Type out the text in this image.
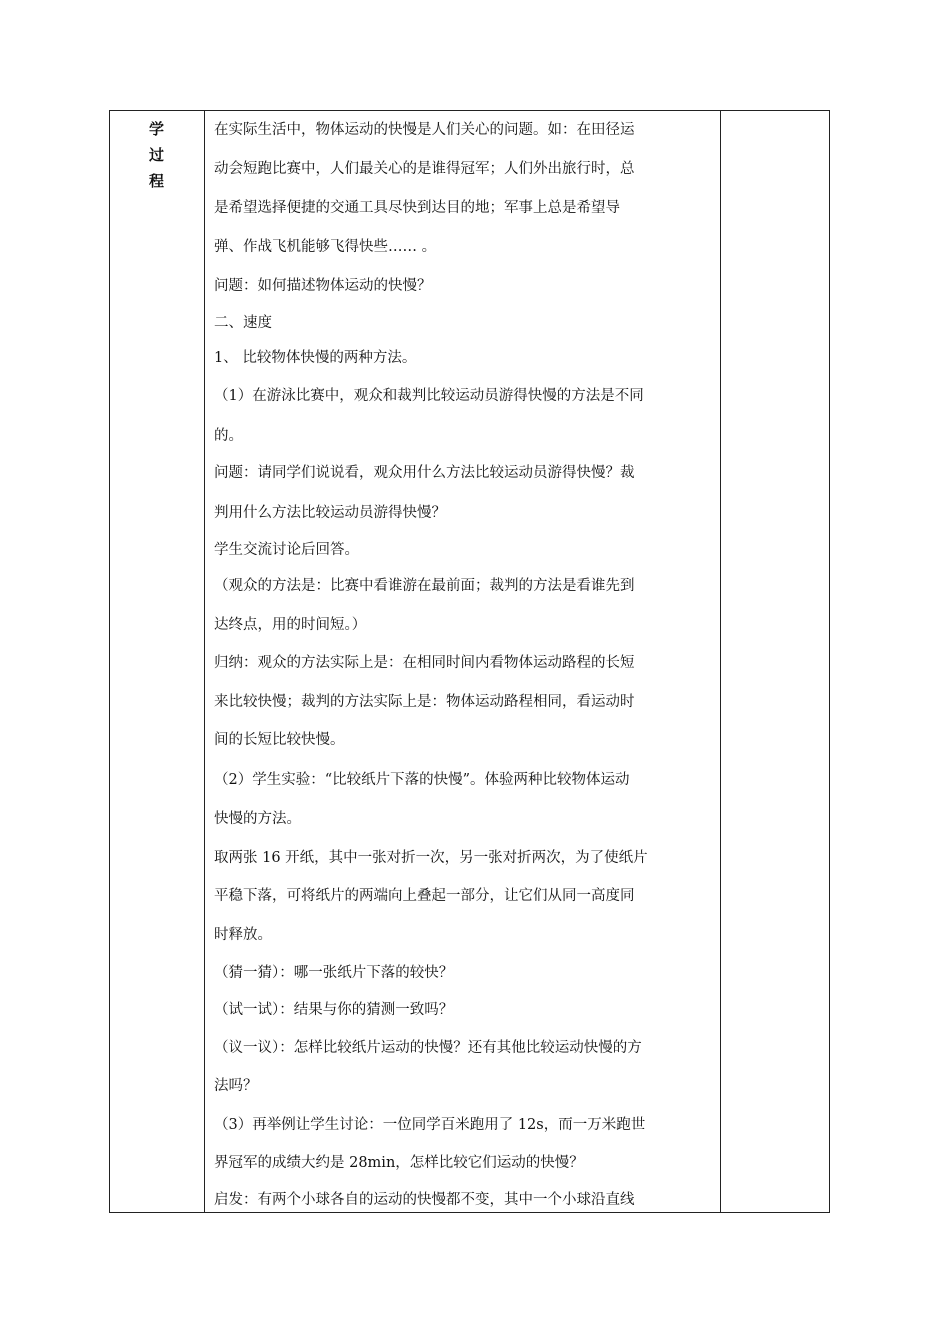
学
过
程
在实际生活中，物体运动的快慢是人们关心的问题。如：在田径运
动会短跑比赛中，人们最关心的是谁得冠军；人们外出旅行时，总
是希望选择便捷的交通工具尽快到达目的地；军事上总是希望导
弹、作战飞机能够飞得快些…… 。
问题：如何描述物体运动的快慢？
二、速度
1、 比较物体快慢的两种方法。
（1）在游泳比赛中，观众和裁判比较运动员游得快慢的方法是不同
的。
问题：请同学们说说看，观众用什么方法比较运动员游得快慢？裁
判用什么方法比较运动员游得快慢？
学生交流讨论后回答。
（观众的方法是：比赛中看谁游在最前面；裁判的方法是看谁先到
达终点，用的时间短。）
归纳：观众的方法实际上是：在相同时间内看物体运动路程的长短
来比较快慢；裁判的方法实际上是：物体运动路程相同，看运动时
间的长短比较快慢。
（2）学生实验：“比较纸片下落的快慢”。体验两种比较物体运动
快慢的方法。
取两张 16 开纸，其中一张对折一次，另一张对折两次，为了使纸片
平稳下落，可将纸片的两端向上叠起一部分，让它们从同一高度同
时释放。
（猜一猜）：哪一张纸片下落的较快？
（试一试）：结果与你的猜测一致吗？
（议一议）：怎样比较纸片运动的快慢？还有其他比较运动快慢的方
法吗？
（3）再举例让学生讨论：一位同学百米跑用了 12s，而一万米跑世
界冠军的成绩大约是 28min，怎样比较它们运动的快慢？
启发：有两个小球各自的运动的快慢都不变，其中一个小球沿直线
